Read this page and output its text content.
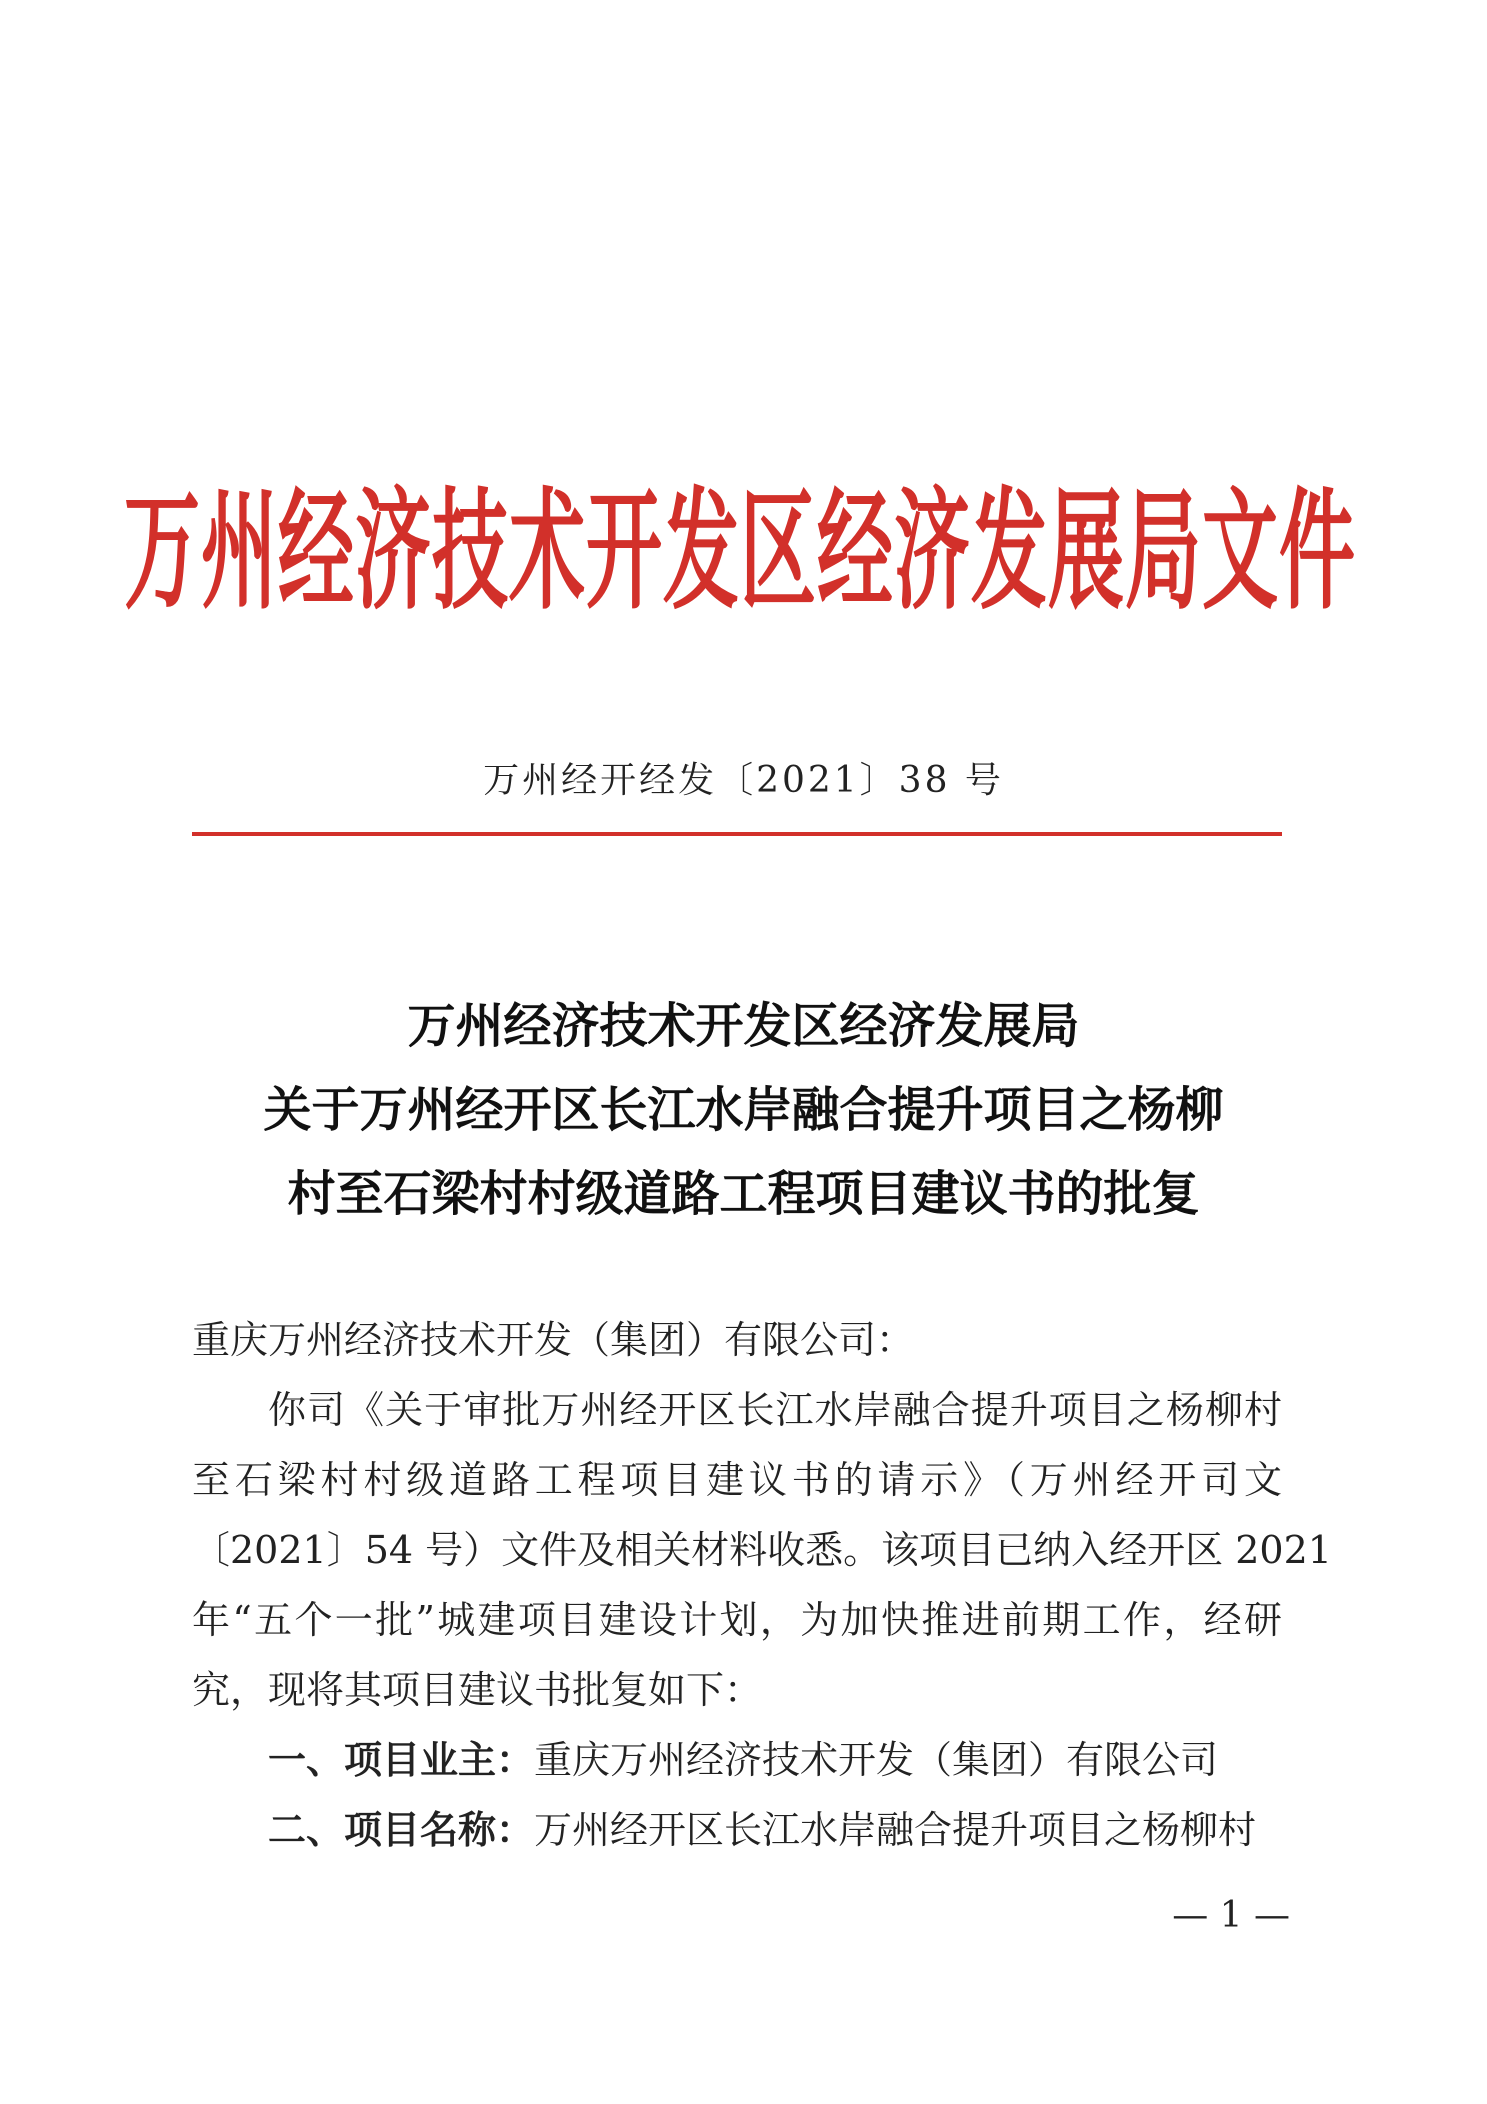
万州经济技术开发区经济发展局文件
万州经开经发〔2021〕38 号
万州经济技术开发区经济发展局
关于万州经开区长江水岸融合提升项目之杨柳
村至石梁村村级道路工程项目建议书的批复
重庆万州经济技术开发（集团）有限公司：
你司《关于审批万州经开区长江水岸融合提升项目之杨柳村
至石梁村村级道路工程项目建议书的请示》（万州经开司文
〔2021〕54 号）文件及相关材料收悉。该项目已纳入经开区 2021
年“五个一批”城建项目建设计划，为加快推进前期工作，经研
究，现将其项目建议书批复如下：
一、项目业主：重庆万州经济技术开发（集团）有限公司
二、项目名称：万州经开区长江水岸融合提升项目之杨柳村
— 1 —
